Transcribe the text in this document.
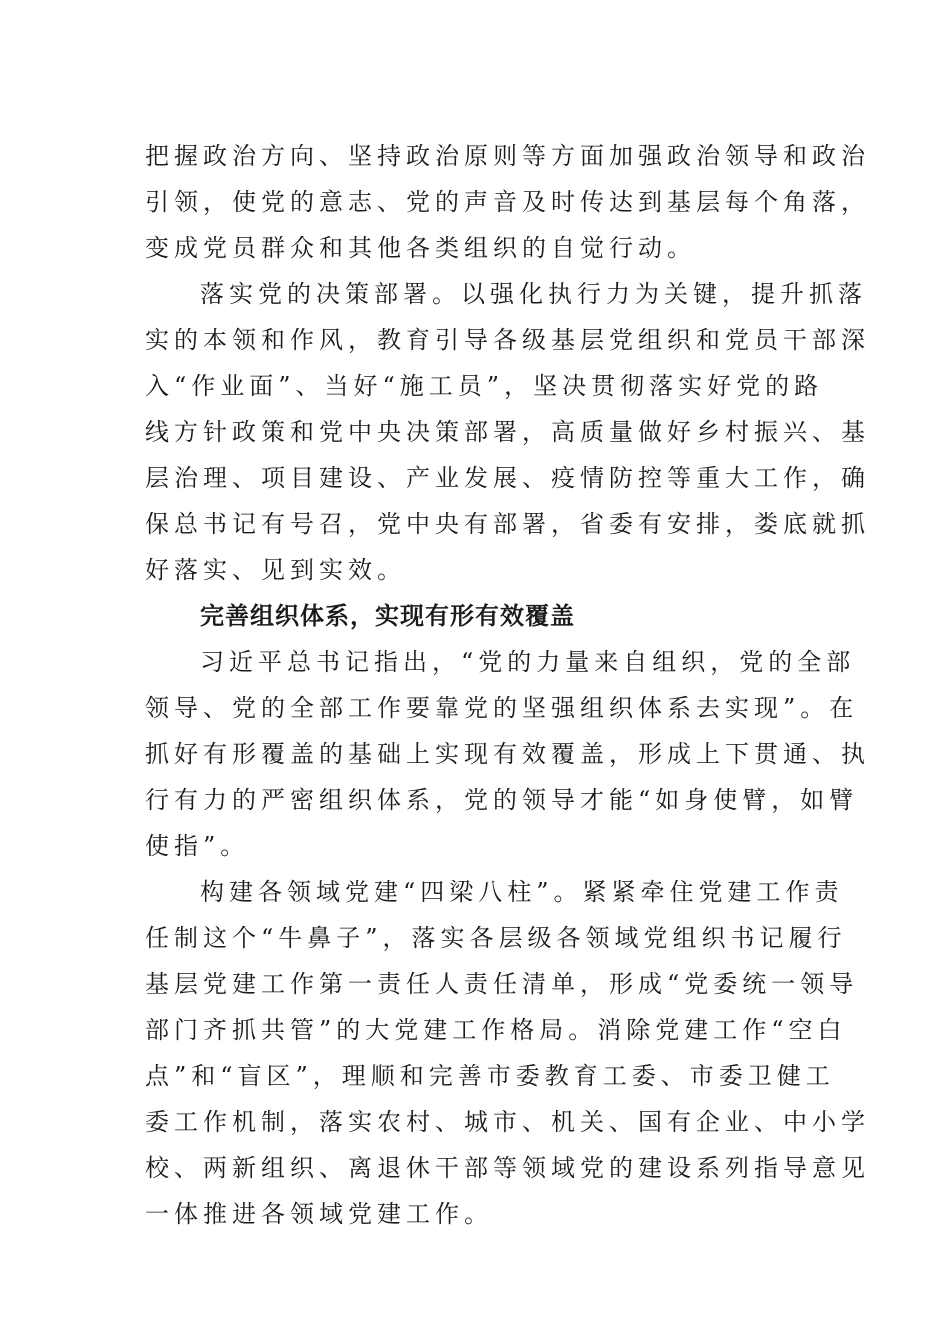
把握政治方向、坚持政治原则等方面加强政治领导和政治
引领，使党的意志、党的声音及时传达到基层每个角落，
变成党员群众和其他各类组织的自觉行动。
落实党的决策部署。以强化执行力为关键，提升抓落
实的本领和作风，教育引导各级基层党组织和党员干部深
入“作业面”、当好“施工员”，坚决贯彻落实好党的路
线方针政策和党中央决策部署，高质量做好乡村振兴、基
层治理、项目建设、产业发展、疫情防控等重大工作，确
保总书记有号召，党中央有部署，省委有安排，娄底就抓
好落实、见到实效。
完善组织体系，实现有形有效覆盖
习近平总书记指出，“党的力量来自组织，党的全部
领导、党的全部工作要靠党的坚强组织体系去实现”。在
抓好有形覆盖的基础上实现有效覆盖，形成上下贯通、执
行有力的严密组织体系，党的领导才能“如身使臂，如臂
使指”。
构建各领域党建“四梁八柱”。紧紧牵住党建工作责
任制这个“牛鼻子”，落实各层级各领域党组织书记履行
基层党建工作第一责任人责任清单，形成“党委统一领导
部门齐抓共管”的大党建工作格局。消除党建工作“空白
点”和“盲区”，理顺和完善市委教育工委、市委卫健工
委工作机制，落实农村、城市、机关、国有企业、中小学
校、两新组织、离退休干部等领域党的建设系列指导意见
一体推进各领域党建工作。
